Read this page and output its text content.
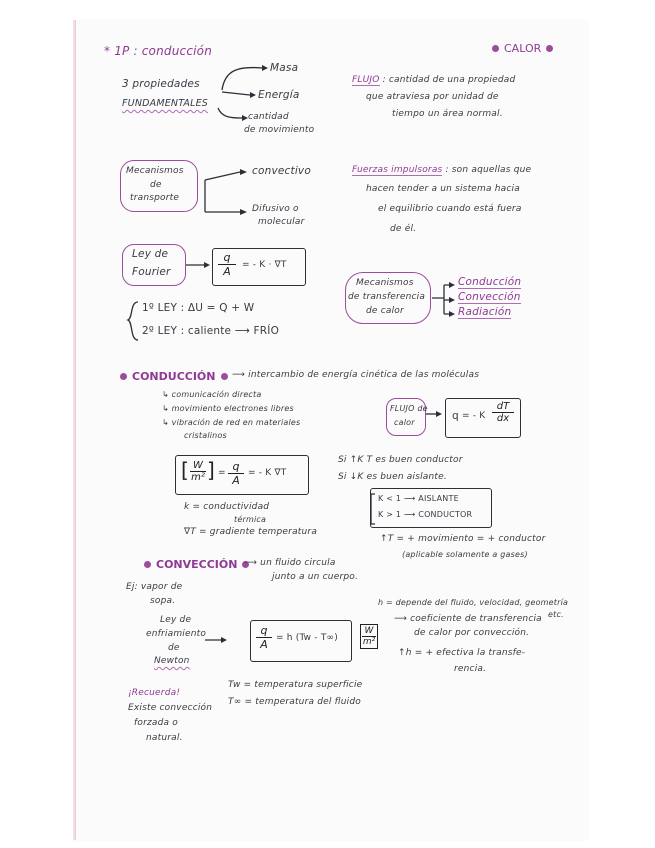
* 1P : conducción	CALOR
3 propiedades
FUNDAMENTALES
Masa
Energía
cantidad
de movimiento
FLUJO : cantidad de una propiedad
que atraviesa por unidad de
tiempo un área normal.
Mecanismos
de
transporte
convectivo
Difusivo o
molecular
Fuerzas impulsoras : son aquellas que
hacen tender a un sistema hacia
el equilibrio cuando está fuera
de él.
Ley de
Fourier	$\frac{q}{A}$ = - K · ∇T
Mecanismos
de transferencia
de calor
Conducción
Convección
Radiación
1º LEY : ΔU = Q + W
2º LEY : caliente ⟶ FRÍO
CONDUCCIÓN ⟶ intercambio de energía cinética de las moléculas
↳ comunicación directa
↳ movimiento electrones libres
↳ vibración de red en materiales
cristalinos
FLUJO de
calor
q = - K $\frac{dT}{dx}$
[ $\frac{W}{\text{m²}}$ ] = $\frac{q}{A}$ = - K ∇T
Si ↑K T es buen conductor
Si ↓K es buen aislante.
K < 1 ⟶ AISLANTE
K > 1 ⟶ CONDUCTOR
k = conductividad
térmica
∇T = gradiente temperatura
↑T = + movimiento = + conductor
(aplicable solamente a gases)
CONVECCIÓN ⟶ un fluido circula
junto a un cuerpo.
Ej: vapor de
sopa.	h = depende del fluido, velocidad, geometría
etc.
⟶ coeficiente de transferencia
de calor por convección.
↑h = + efectiva la transfe-
rencia.
Ley de
enfriamiento
de
Newton
$\frac{q}{A} = h$ $(Tw - T\infty) \frac{W}{\text{m²}}$
Tw = temperatura superficie
T∞ = temperatura del fluido
¡Recuerda!
Existe convección
forzada o
natural.
